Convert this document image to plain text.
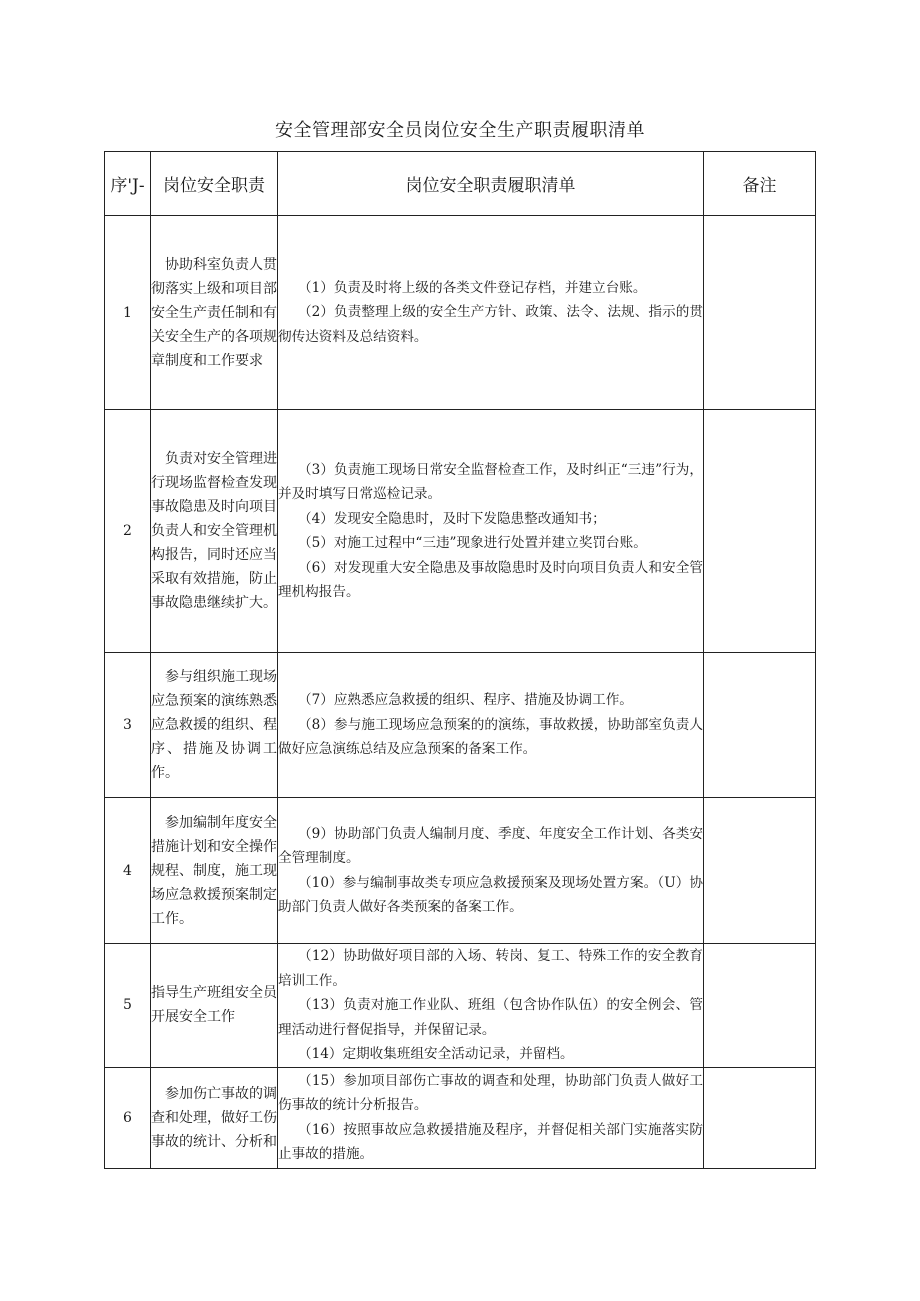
安全管理部安全员岗位安全生产职责履职清单
序'J-	岗位安全职责	岗位安全职责履职清单	备注
1	协助科室负责人贯彻落实上级和项目部安全生产责任制和有关安全生产的各项规章制度和工作要求	（1）负责及时将上级的各类文件登记存档，并建立台账。

（2）负责整理上级的安全生产方针、政策、法令、法规、指示的贯彻传达资料及总结资料。	

2	负责对安全管理进行现场监督检查发现事故隐患及时向项目负责人和安全管理机构报告，同时还应当采取有效措施，防止事故隐患继续扩大。	（3）负责施工现场日常安全监督检查工作，及时纠正“三违”行为，并及时填写日常巡检记录。

（4）发现安全隐患时，及时下发隐患整改通知书；

（5）对施工过程中“三违”现象进行处置并建立奖罚台账。

（6）对发现重大安全隐患及事故隐患时及时向项目负责人和安全管理机构报告。	

3	参与组织施工现场应急预案的演练熟悉应急救援的组织、程序、措施及协调工作。	（7）应熟悉应急救援的组织、程序、措施及协调工作。

（8）参与施工现场应急预案的的演练，事故救援，协助部室负责人做好应急演练总结及应急预案的备案工作。	

4	参加编制年度安全措施计划和安全操作规程、制度，施工现场应急救援预案制定工作。	（9）协助部门负责人编制月度、季度、年度安全工作计划、各类安全管理制度。

（10）参与编制事故类专项应急救援预案及现场处置方案。（U）协助部门负责人做好各类预案的备案工作。	

5	指导生产班组安全员开展安全工作	（12）协助做好项目部的入场、转岗、复工、特殊工作的安全教育培训工作。

（13）负责对施工作业队、班组（包含协作队伍）的安全例会、管理活动进行督促指导，并保留记录。

（14）定期收集班组安全活动记录，并留档。	

6	参加伤亡事故的调查和处理，做好工伤事故的统计、分析和	（15）参加项目部伤亡事故的调查和处理，协助部门负责人做好工伤事故的统计分析报告。

（16）按照事故应急救援措施及程序，并督促相关部门实施落实防止事故的措施。	
